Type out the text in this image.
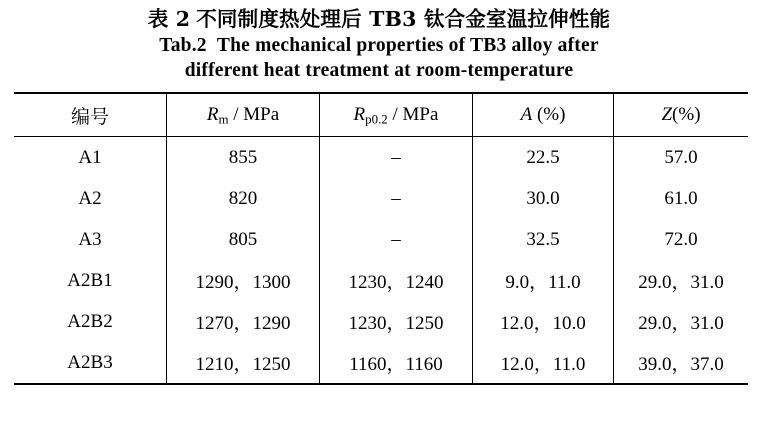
表 2 不同制度热处理后 TB3 钛合金室温拉伸性能
Tab.2 The mechanical properties of TB3 alloy after
different heat treatment at room-temperature
编号	$R_m$ / MPa	$R_{p0.2}$ / MPa	A (%)	Z(%)
A1	855	–	22.5	57.0
A2	820	–	30.0	61.0
A3	805	–	32.5	72.0
A2B1	1290，1300	1230，1240	9.0，11.0	29.0，31.0
A2B2	1270，1290	1230，1250	12.0，10.0	29.0，31.0
A2B3	1210，1250	1160，1160	12.0，11.0	39.0，37.0
